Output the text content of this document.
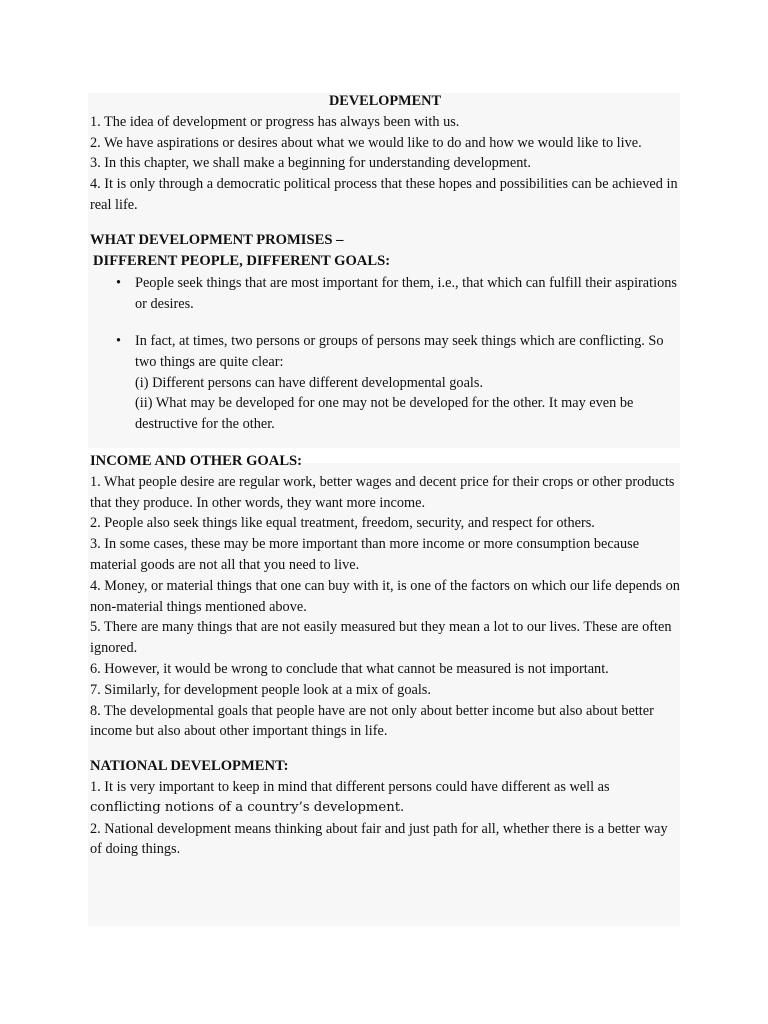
DEVELOPMENT

1. The idea of development or progress has always been with us.

2. We have aspirations or desires about what we would like to do and how we would like to live.

3. In this chapter, we shall make a beginning for understanding development.

4. It is only through a democratic political process that these hopes and possibilities can be achieved in real life.

WHAT DEVELOPMENT PROMISES –

DIFFERENT PEOPLE, DIFFERENT GOALS:

• People seek things that are most important for them, i.e., that which can fulfill their aspirations or desires.
• In fact, at times, two persons or groups of persons may seek things which are conflicting. So two things are quite clear:
(i) Different persons can have different developmental goals.
(ii) What may be developed for one may not be developed for the other. It may even be destructive for the other.

INCOME AND OTHER GOALS:

1. What people desire are regular work, better wages and decent price for their crops or other products that they produce. In other words, they want more income.

2. People also seek things like equal treatment, freedom, security, and respect for others.

3. In some cases, these may be more important than more income or more consumption because material goods are not all that you need to live.

4. Money, or material things that one can buy with it, is one of the factors on which our life depends on non-material things mentioned above.

5. There are many things that are not easily measured but they mean a lot to our lives. These are often ignored.

6. However, it would be wrong to conclude that what cannot be measured is not important.

7. Similarly, for development people look at a mix of goals.

8. The developmental goals that people have are not only about better income but also about better income but also about other important things in life.

NATIONAL DEVELOPMENT:

1. It is very important to keep in mind that different persons could have different as well as

conflicting notions of a country’s development.

2. National development means thinking about fair and just path for all, whether there is a better way of doing things.
